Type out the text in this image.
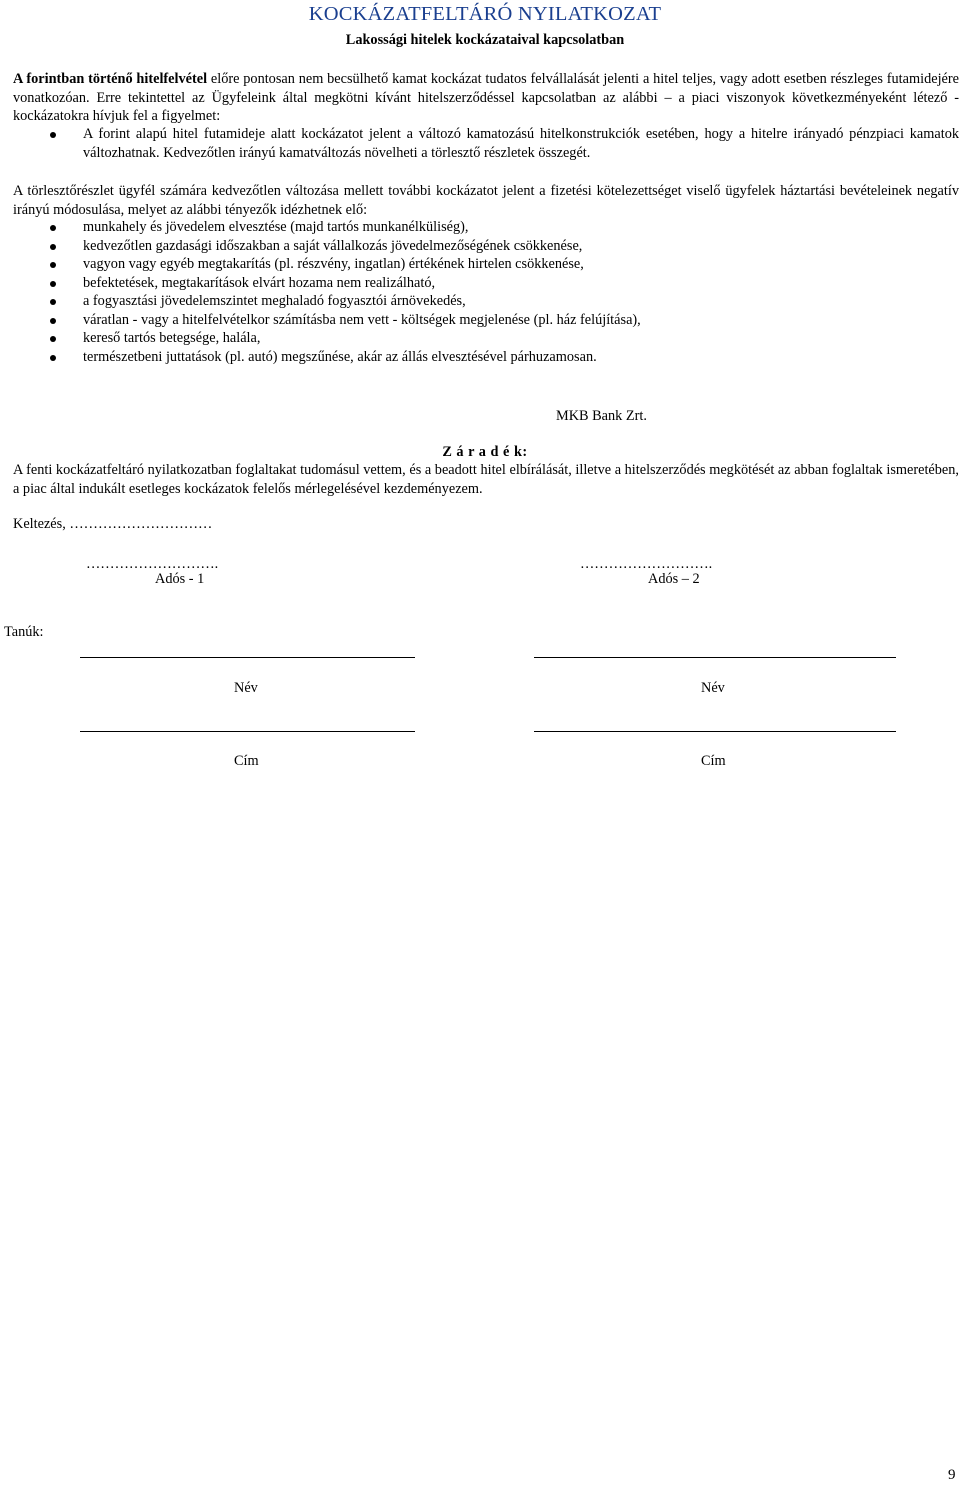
KOCKÁZATFELTÁRÓ NYILATKOZAT
Lakossági hitelek kockázataival kapcsolatban
A forintban történő hitelfelvétel előre pontosan nem becsülhető kamat kockázat tudatos felvállalását jelenti a hitel teljes, vagy adott esetben részleges futamidejére vonatkozóan. Erre tekintettel az Ügyfeleink által megkötni kívánt hitelszerződéssel kapcsolatban az alábbi – a piaci viszonyok következményeként létező - kockázatokra hívjuk fel a figyelmet:
A forint alapú hitel futamideje alatt kockázatot jelent a változó kamatozású hitelkonstrukciók esetében, hogy a hitelre irányadó pénzpiaci kamatok változhatnak. Kedvezőtlen irányú kamatváltozás növelheti a törlesztő részletek összegét.
A törlesztőrészlet ügyfél számára kedvezőtlen változása mellett további kockázatot jelent a fizetési kötelezettséget viselő ügyfelek háztartási bevételeinek negatív irányú módosulása, melyet az alábbi tényezők idézhetnek elő:
munkahely és jövedelem elvesztése (majd tartós munkanélküliség),
kedvezőtlen gazdasági időszakban a saját vállalkozás jövedelmezőségének csökkenése,
vagyon vagy egyéb megtakarítás (pl. részvény, ingatlan) értékének hirtelen csökkenése,
befektetések, megtakarítások elvárt hozama nem realizálható,
a fogyasztási jövedelemszintet meghaladó fogyasztói árnövekedés,
váratlan - vagy a hitelfelvételkor számításba nem vett - költségek megjelenése (pl. ház felújítása),
kereső tartós betegsége, halála,
természetbeni juttatások (pl. autó) megszűnése, akár az állás elvesztésével párhuzamosan.
MKB Bank Zrt.
Z á r a d é k:
A fenti kockázatfeltáró nyilatkozatban foglaltakat tudomásul vettem, és a beadott hitel elbírálását, illetve a hitelszerződés megkötését az abban foglaltak ismeretében, a piac által indukált esetleges kockázatok felelős mérlegelésével kezdeményezem.
Keltezés, …………………………
……………………….	……………………….
Adós - 1	Adós – 2
Tanúk:
Név	Név
Cím	Cím
9
